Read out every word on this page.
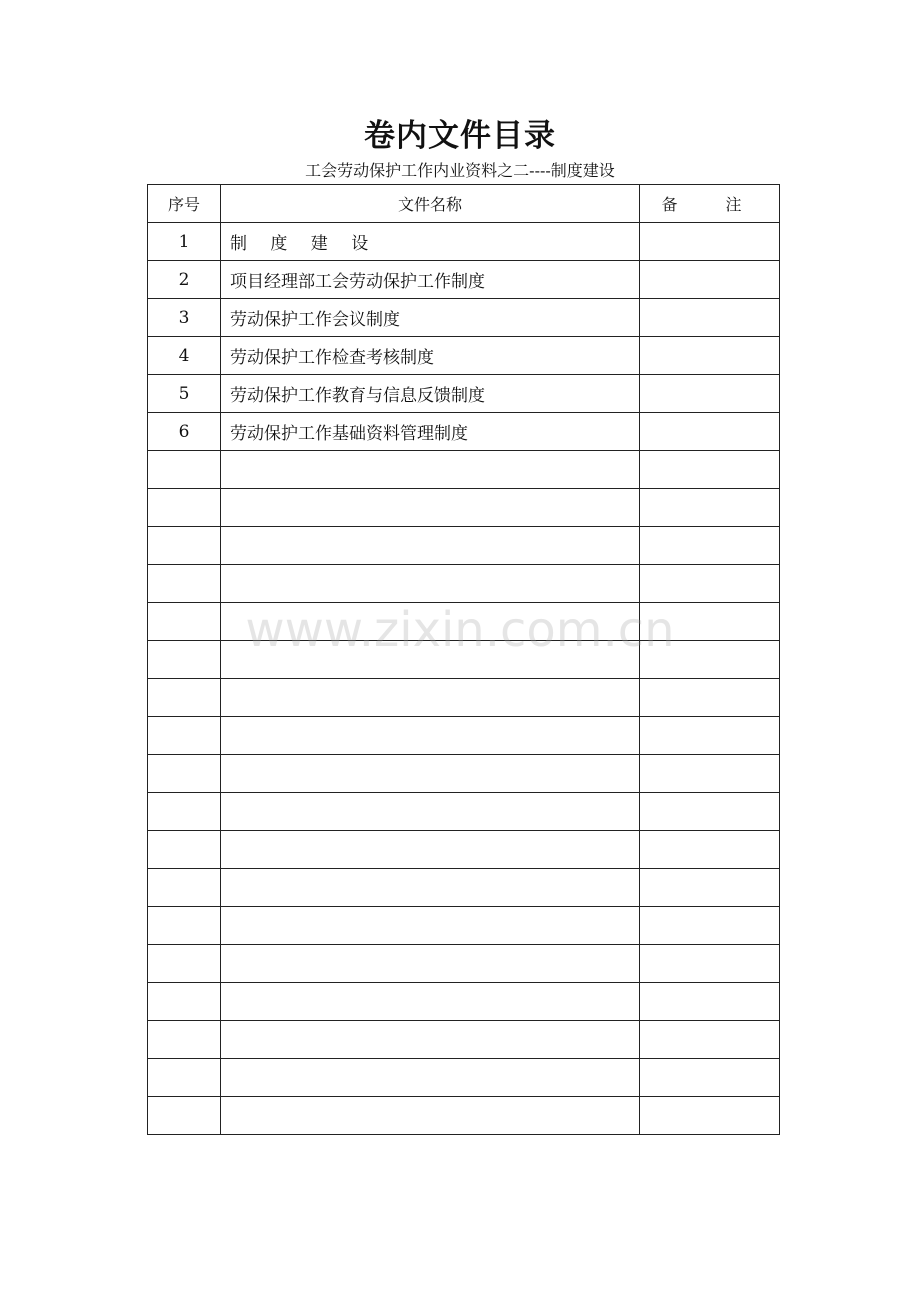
卷内文件目录
工会劳动保护工作内业资料之二----制度建设
序号	文件名称	备　注
1	制 度 建 设	
2	项目经理部工会劳动保护工作制度	
3	劳动保护工作会议制度	
4	劳动保护工作检查考核制度	
5	劳动保护工作教育与信息反馈制度	
6	劳动保护工作基础资料管理制度	

www.zixin.com.cn
